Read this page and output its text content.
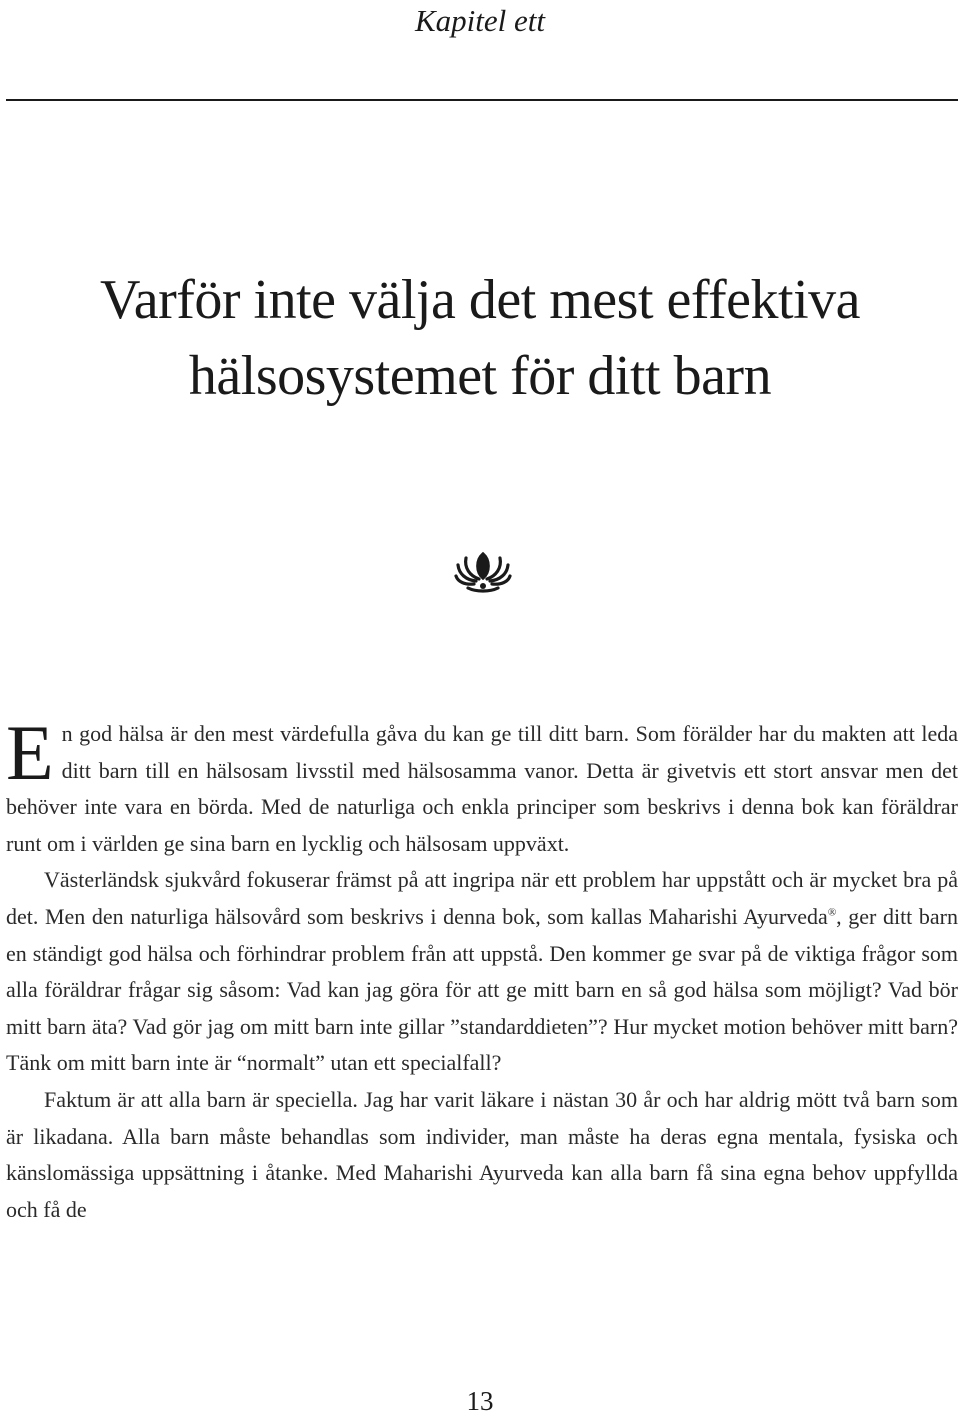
Kapitel ett
Varför inte välja det mest effektiva
hälsosystemet för ditt barn

En god hälsa är den mest värdefulla gåva du kan ge till ditt barn. Som förälder har du makten att leda ditt barn till en hälsosam livsstil med hälsosamma vanor. Detta är givetvis ett stort ansvar men det behöver inte vara en börda. Med de naturliga och enkla principer som beskrivs i denna bok kan föräldrar runt om i världen ge sina barn en lycklig och hälsosam uppväxt.

Västerländsk sjukvård fokuserar främst på att ingripa när ett problem har uppstått och är mycket bra på det. Men den naturliga hälsovård som beskrivs i denna bok, som kallas Maharishi Ayurveda®, ger ditt barn en ständigt god hälsa och förhindrar problem från att uppstå. Den kommer ge svar på de viktiga frågor som alla föräldrar frågar sig såsom: Vad kan jag göra för att ge mitt barn en så god hälsa som möjligt? Vad bör mitt barn äta? Vad gör jag om mitt barn inte gillar ”standarddieten”? Hur mycket motion behöver mitt barn? Tänk om mitt barn inte är “normalt” utan ett specialfall?

Faktum är att alla barn är speciella. Jag har varit läkare i nästan 30 år och har aldrig mött två barn som är likadana. Alla barn måste behandlas som individer, man måste ha deras egna mentala, fysiska och känslomässiga uppsättning i åtanke. Med Maharishi Ayurveda kan alla barn få sina egna behov uppfyllda och få de

13
